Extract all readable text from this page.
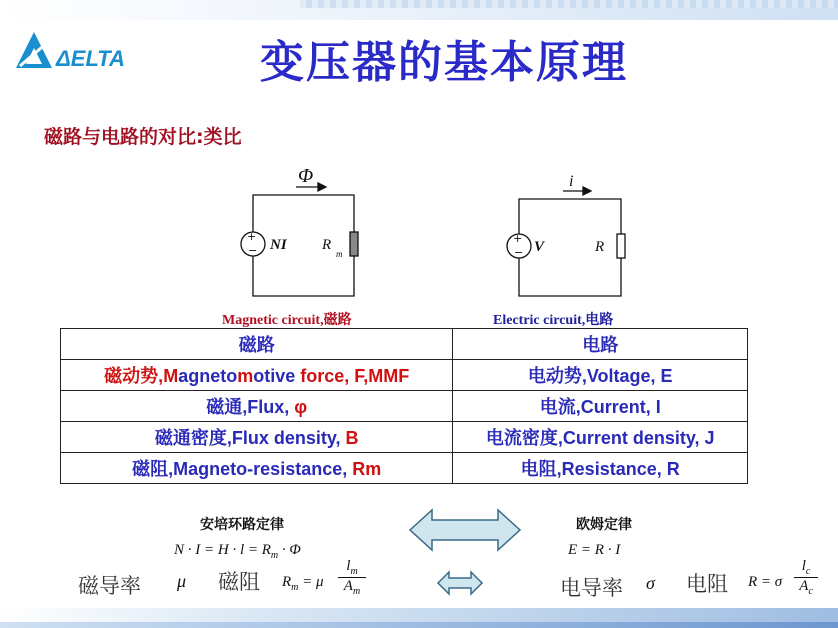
ΔELTA	变压器的基本原理
磁路与电路的对比:类比
+
−
Φ
NI R
m
+
−
i
V	R
Magnetic circuit,磁路	Electric circuit,电路
磁路	电路
磁动势,Magnetomotive force, F,MMF	电动势,Voltage, E
磁通,Flux, φ	电流,Current, I
磁通密度,Flux density, B	电流密度,Current density, J
磁阻,Magneto-resistance, Rm	电阻,Resistance, R
安培环路定律
$N \cdot I = H \cdot l = R_m \cdot \Phi$
欧姆定律
E = R · I
磁导率 μ 磁阻 $R_m = \mu \frac{l_m}{A_m}$	电导率 σ 电阻 R = σ $\frac{l_c}{A_c}$
